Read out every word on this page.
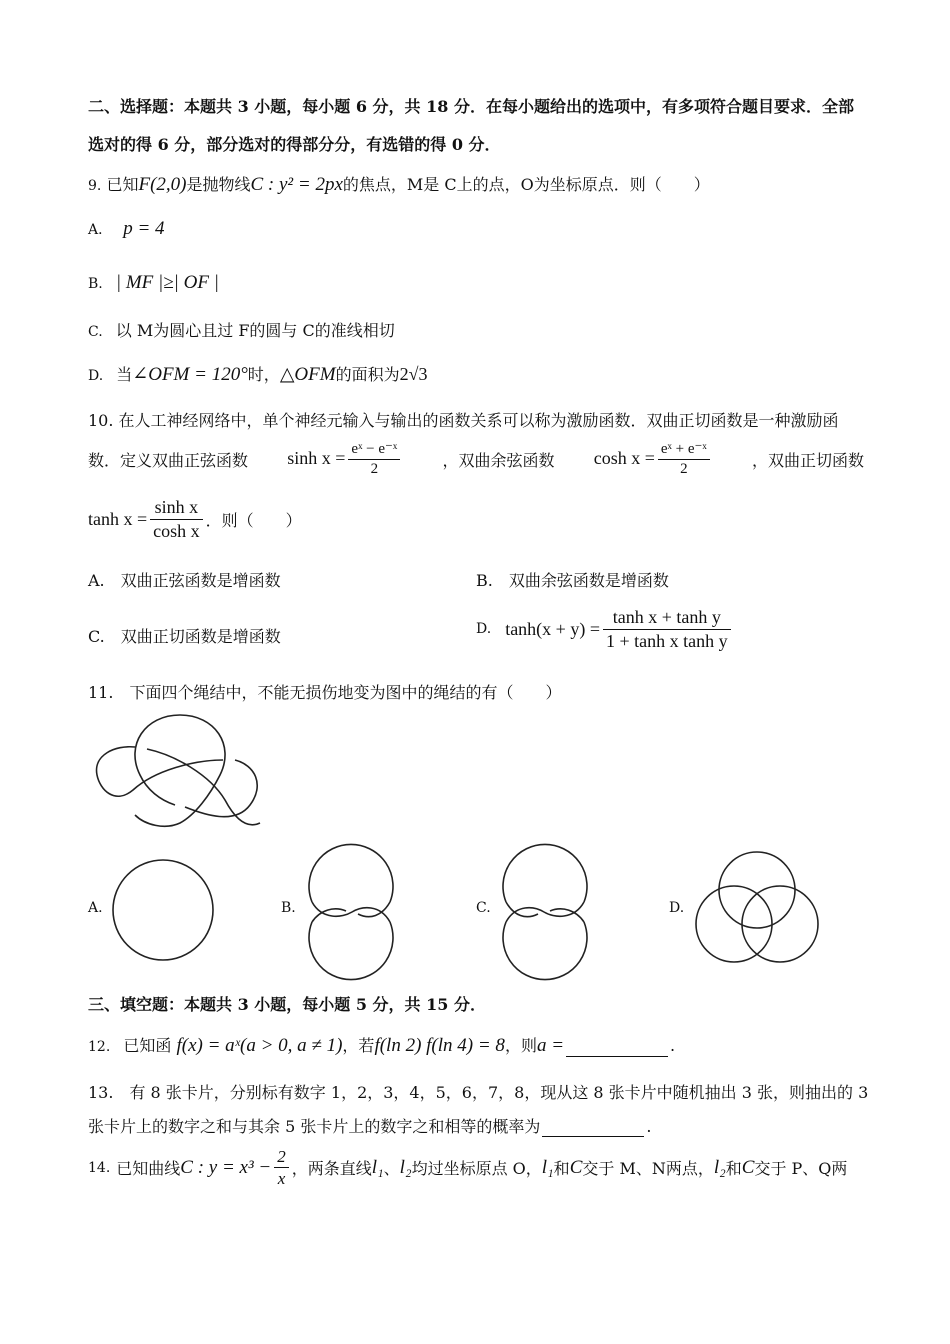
二、选择题：本题共 3 小题，每小题 6 分，共 18 分．在每小题给出的选项中，有多项符合题目要求．全部
选对的得 6 分，部分选对的得部分分，有选错的得 0 分．
9. 已知F(2,0)是抛物线C : y² = 2px的焦点，M是 C上的点，O为坐标原点．则（　　）
A． p = 4
B. | MF |≥| OF |
C. 以 M为圆心且过 F的圆与 C的准线相切
D. 当∠OFM = 120°时，△OFM的面积为2√3
10. 在人工神经网络中，单个神经元输入与输出的函数关系可以称为激励函数．双曲正切函数是一种激励函
数．定义双曲正弦函数 $\sinh x = \frac{\text{eˣ − e⁻ˣ}}{2}$	，双曲余弦函数 $\cosh x = \frac{\text{eˣ + e⁻ˣ}}{2}$	，双曲正切函数
$\tanh x = \frac{\text{sinh x}}{\text{cosh x}}$ ．则（　　）
A.　双曲正弦函数是增函数	B.　双曲余弦函数是增函数
C.　双曲正切函数是增函数	D. $\tanh(x + y) = \frac{\text{tanh x + tanh y}}{\text{1 + tanh x tanh y}}$
11.　下面四个绳结中，不能无损伤地变为图中的绳结的有（　　）
A.	B.	C.	D.
三、填空题：本题共 3 小题，每小题 5 分，共 15 分．
12. 已知函 f(x) = aˣ(a > 0, a ≠ 1)，若f(ln 2) f(ln 4) = 8，则a =	.
13.　有 8 张卡片，分别标有数字 1，2，3，4，5，6，7，8，现从这 8 张卡片中随机抽出 3 张，则抽出的 3
张卡片上的数字之和与其余 5 张卡片上的数字之和相等的概率为	.
14. 已知曲线 C : $y = x^3 - \frac{2}{x}$ ，两条直线 l₁ 、 l₂ 均过坐标原点 O， l₁ 和 C 交于 M、N两点， l₂ 和 C 交于 P、Q两
